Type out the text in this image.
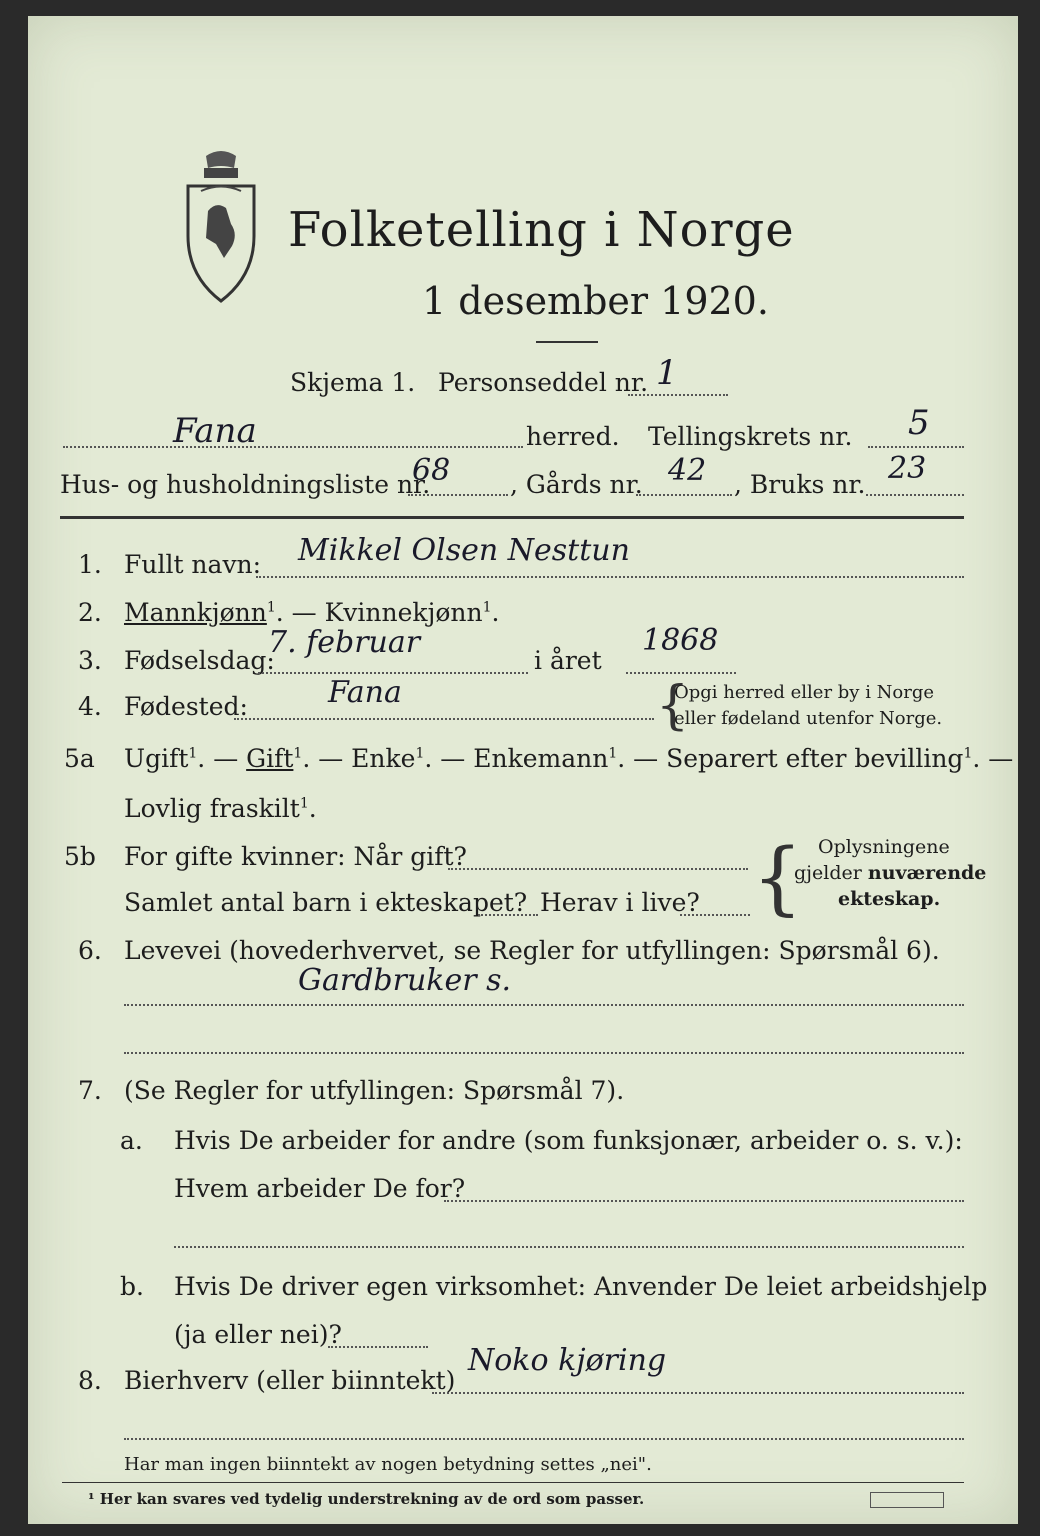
Folketelling i Norge
1 desember 1920.
Skjema 1. Personseddel nr. 1
Fana	herred. Tellingskrets nr. 5
Hus- og husholdningsliste nr.
68 , Gårds nr. 42 , Bruks nr. 23
1. Fullt navn: Mikkel Olsen Nesttun
2. Mannkjønn$^1$. — Kvinnekjønn$^1$.
3. Fødselsdag:
7. februar
i året
1868
4. Fødested:	Fana	{
Opgi herred eller by i Norge
eller fødeland utenfor Norge.
5a Ugift$^1$. — Gift$^1$. — Enke$^1$. — Enkemann$^1$. — Separert efter bevilling$^1$. —
Lovlig fraskilt$^1$.
5b For gifte kvinner: Når gift?
Samlet antal barn i ekteskapet? Herav i live? { Oplysningene
gjelder nuværende
ekteskap.
6. Levevei (hovederhvervet, se Regler for utfyllingen: Spørsmål 6).
Gardbruker s.
7. (Se Regler for utfyllingen: Spørsmål 7).
a. Hvis De arbeider for andre (som funksjonær, arbeider o. s. v.):
Hvem arbeider De for?
b. Hvis De driver egen virksomhet: Anvender De leiet arbeidshjelp
(ja eller nei)?
8. Bierhverv (eller biinntekt)
Noko kjøring
Har man ingen biinntekt av nogen betydning settes „nei".
¹ Her kan svares ved tydelig understrekning av de ord som passer.
